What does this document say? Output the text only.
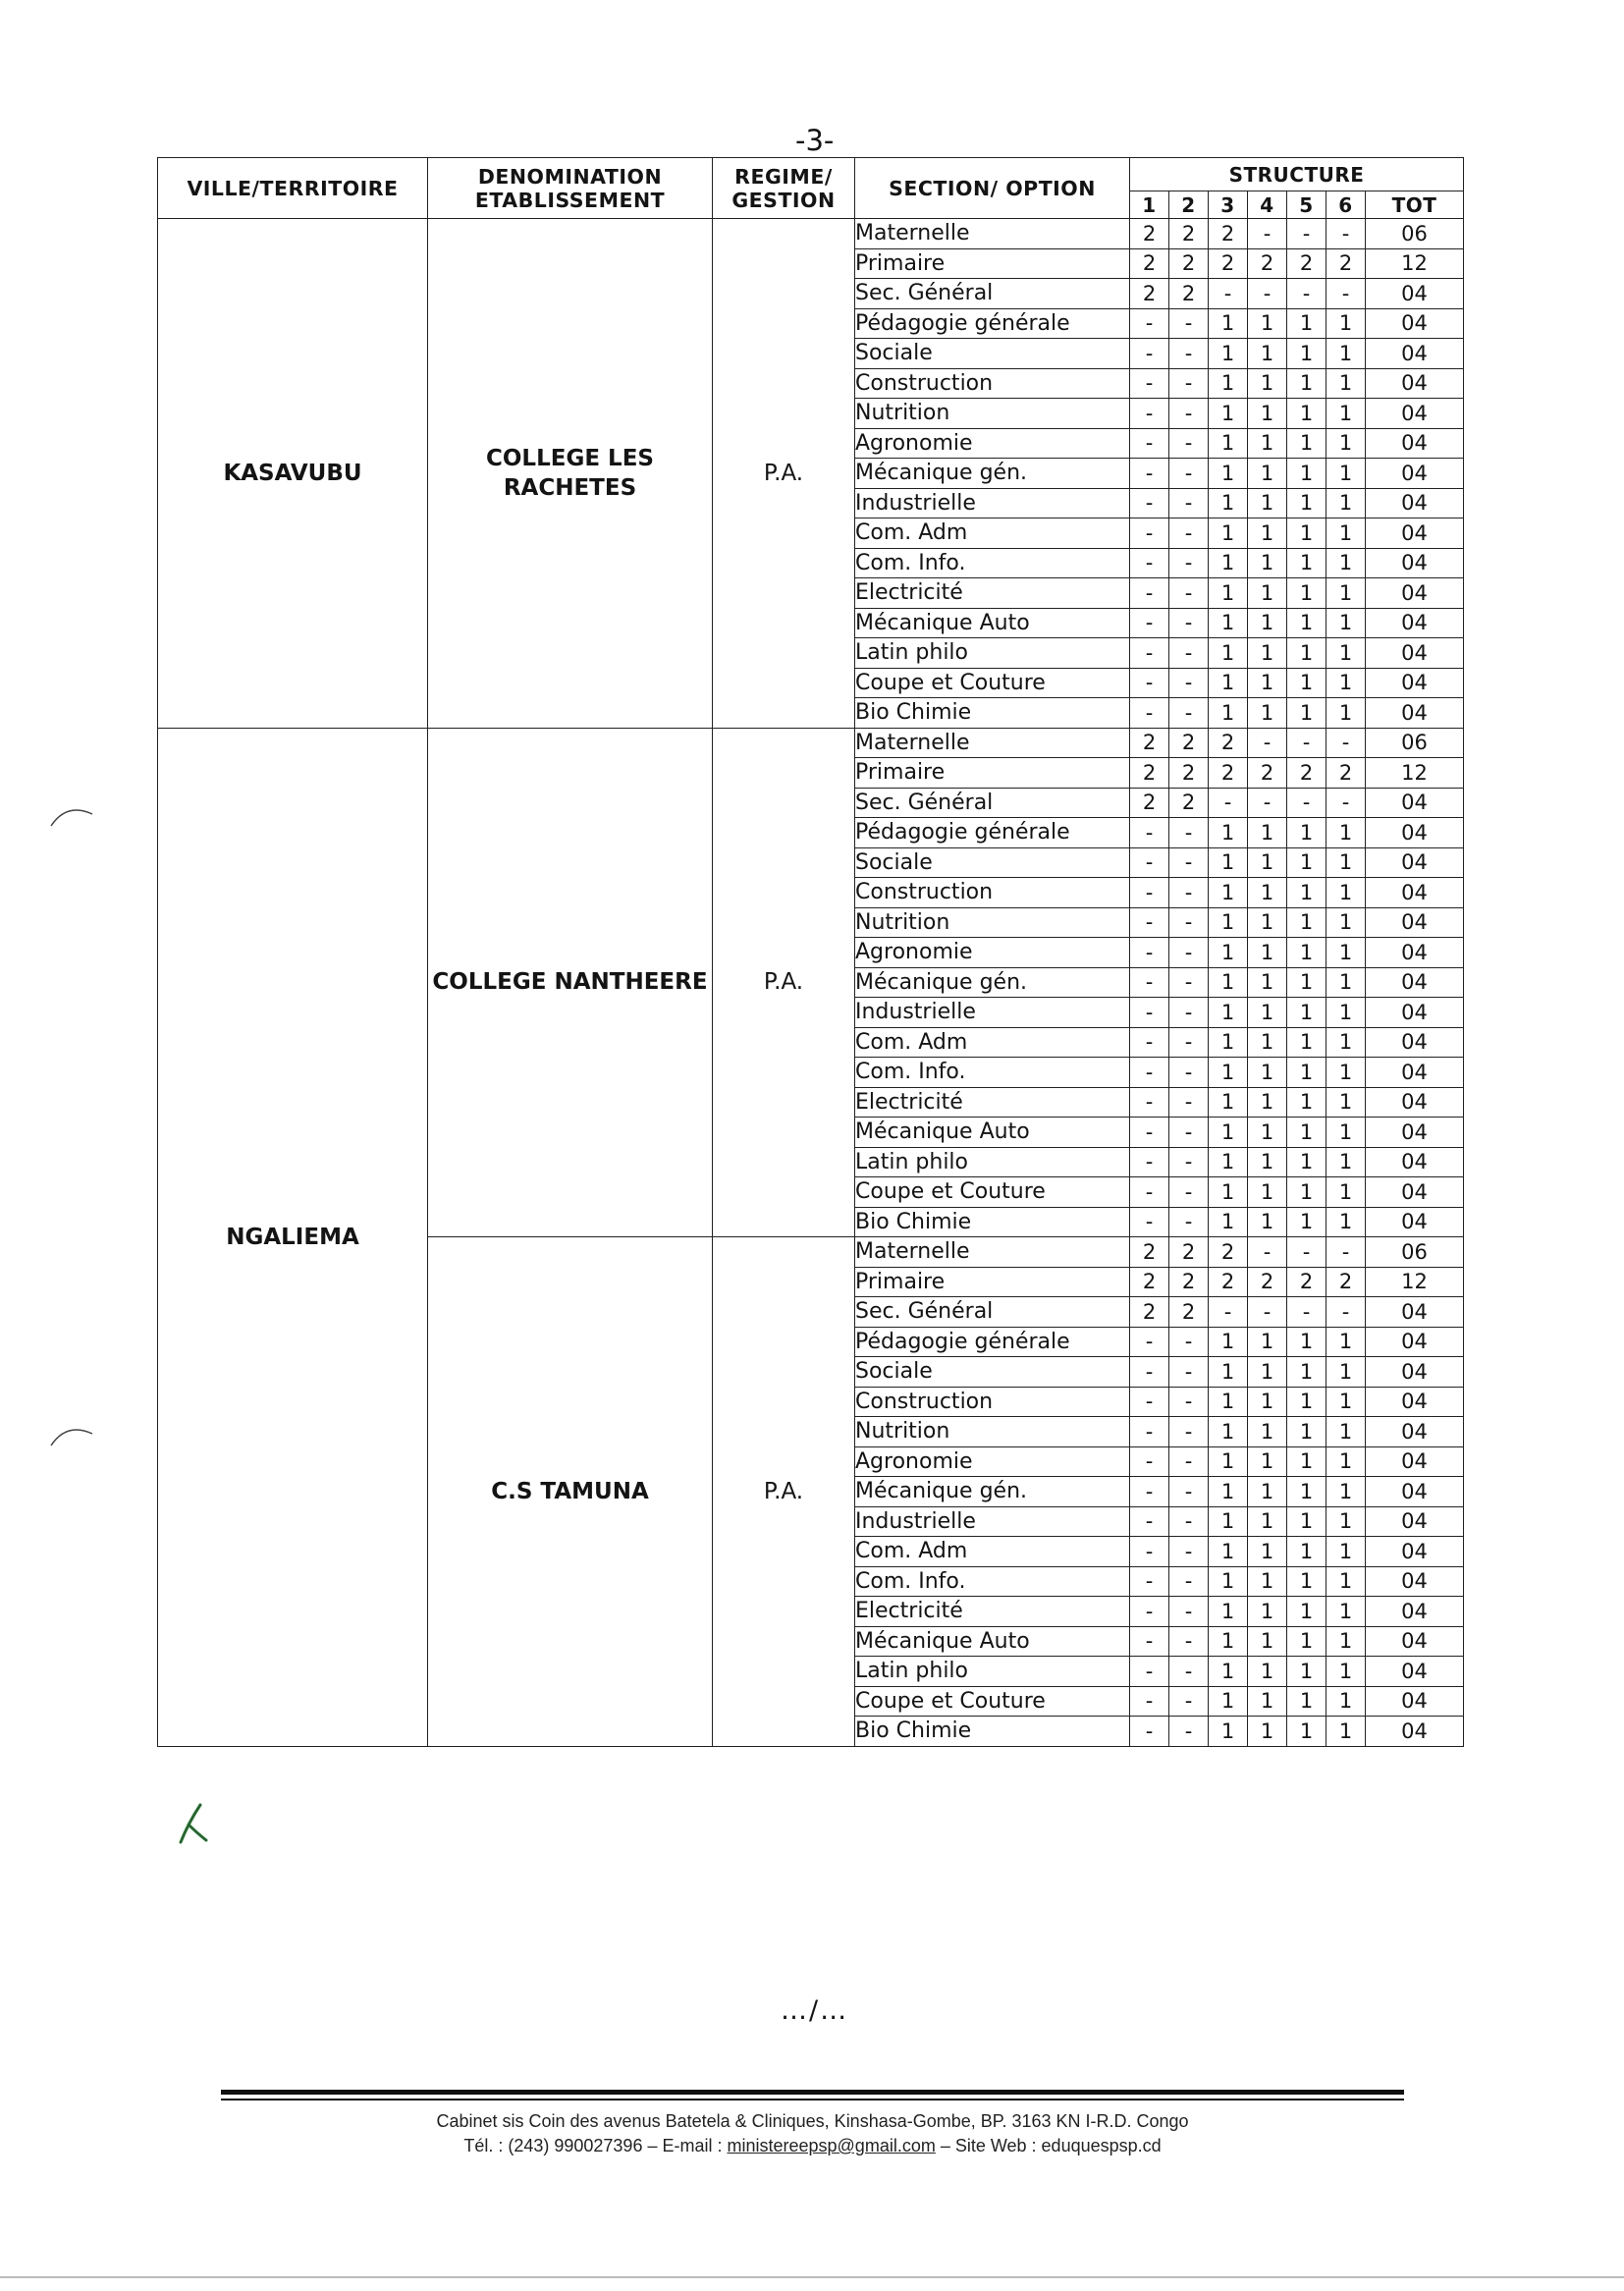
-3-
VILLE/TERRITOIRE	DENOMINATION ETABLISSEMENT	REGIME/ GESTION	SECTION/ OPTION	STRUCTURE						
				1	2	3	4	5	6	TOT
KASAVUBU	COLLEGE LES RACHETES	P.A.	Maternelle	2	2	2	-	-	-	06
			Primaire	2	2	2	2	2	2	12
			Sec. Général	2	2	-	-	-	-	04
			Pédagogie générale	-	-	1	1	1	1	04
			Sociale	-	-	1	1	1	1	04
			Construction	-	-	1	1	1	1	04
			Nutrition	-	-	1	1	1	1	04
			Agronomie	-	-	1	1	1	1	04
			Mécanique gén.	-	-	1	1	1	1	04
			Industrielle	-	-	1	1	1	1	04
			Com. Adm	-	-	1	1	1	1	04
			Com. Info.	-	-	1	1	1	1	04
			Electricité	-	-	1	1	1	1	04
			Mécanique Auto	-	-	1	1	1	1	04
			Latin philo	-	-	1	1	1	1	04
			Coupe et Couture	-	-	1	1	1	1	04
			Bio Chimie	-	-	1	1	1	1	04
NGALIEMA	COLLEGE NANTHEERE	P.A.	Maternelle	2	2	2	-	-	-	06
			Primaire	2	2	2	2	2	2	12
			Sec. Général	2	2	-	-	-	-	04
			Pédagogie générale	-	-	1	1	1	1	04
			Sociale	-	-	1	1	1	1	04
			Construction	-	-	1	1	1	1	04
			Nutrition	-	-	1	1	1	1	04
			Agronomie	-	-	1	1	1	1	04
			Mécanique gén.	-	-	1	1	1	1	04
			Industrielle	-	-	1	1	1	1	04
			Com. Adm	-	-	1	1	1	1	04
			Com. Info.	-	-	1	1	1	1	04
			Electricité	-	-	1	1	1	1	04
			Mécanique Auto	-	-	1	1	1	1	04
			Latin philo	-	-	1	1	1	1	04
			Coupe et Couture	-	-	1	1	1	1	04
			Bio Chimie	-	-	1	1	1	1	04
	C.S TAMUNA	P.A.	Maternelle	2	2	2	-	-	-	06
			Primaire	2	2	2	2	2	2	12
			Sec. Général	2	2	-	-	-	-	04
			Pédagogie générale	-	-	1	1	1	1	04
			Sociale	-	-	1	1	1	1	04
			Construction	-	-	1	1	1	1	04
			Nutrition	-	-	1	1	1	1	04
			Agronomie	-	-	1	1	1	1	04
			Mécanique gén.	-	-	1	1	1	1	04
			Industrielle	-	-	1	1	1	1	04
			Com. Adm	-	-	1	1	1	1	04
			Com. Info.	-	-	1	1	1	1	04
			Electricité	-	-	1	1	1	1	04
			Mécanique Auto	-	-	1	1	1	1	04
			Latin philo	-	-	1	1	1	1	04
			Coupe et Couture	-	-	1	1	1	1	04
			Bio Chimie	-	-	1	1	1	1	04
…/…
Cabinet sis Coin des avenus Batetela & Cliniques, Kinshasa-Gombe, BP. 3163 KN I-R.D. Congo
Tél. : (243) 990027396 – E-mail : ministereepsp@gmail.com – Site Web : eduquespsp.cd
